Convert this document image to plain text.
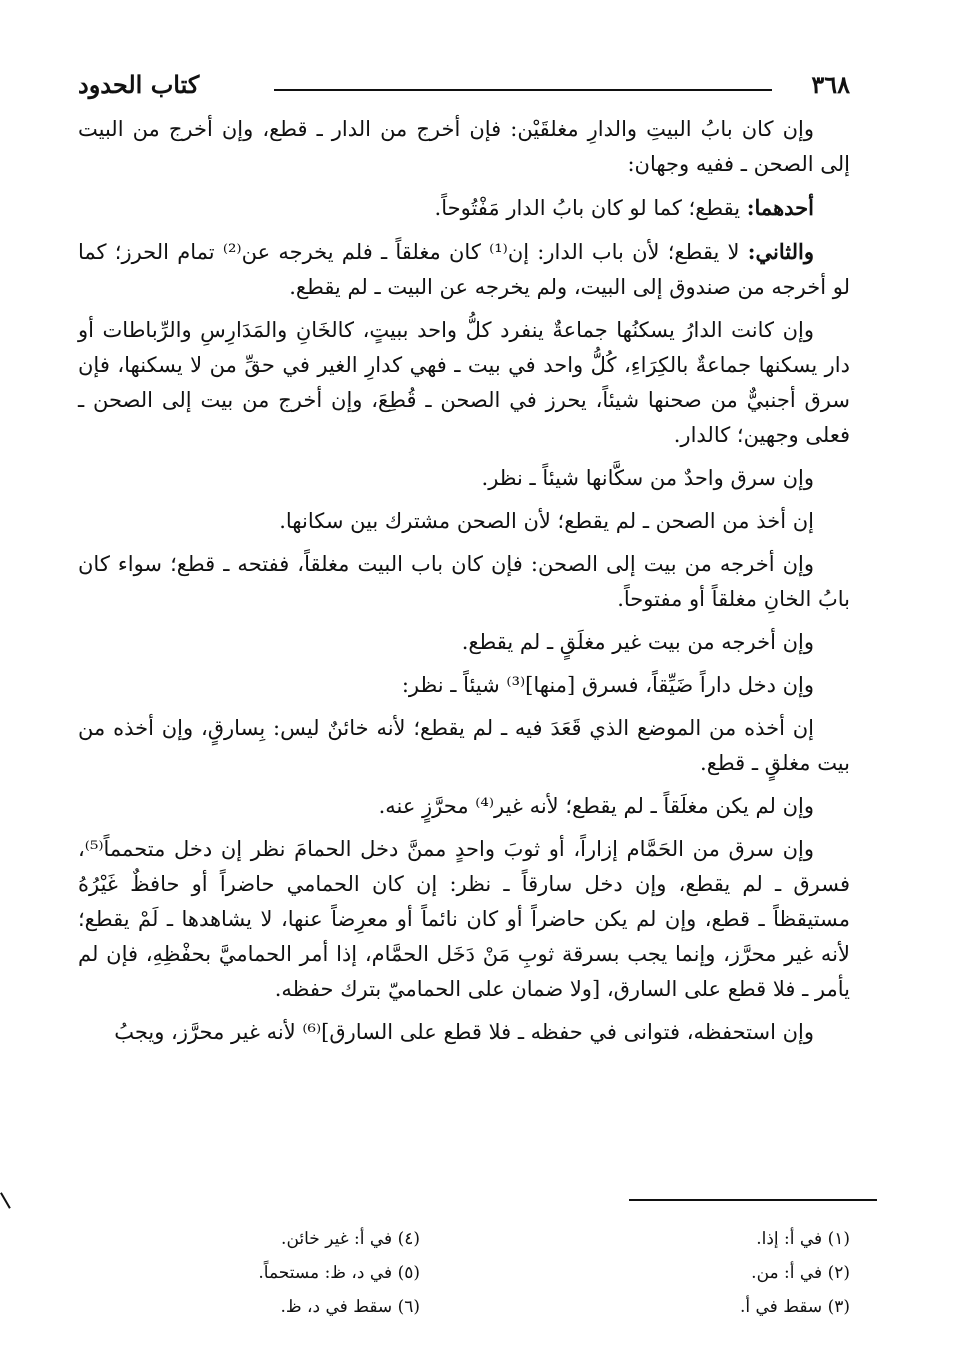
٣٦٨
كتاب الحدود

وإن كان بابُ البيتِ والدارِ مغلقَيْن: فإن أخرج من الدار ـ قطع، وإن أخرج من البيت إلى الصحن ـ ففيه وجهان:

أحدهما: يقطع؛ كما لو كان بابُ الدار مَفْتُوحاً.

والثاني: لا يقطع؛ لأن باب الدار: إن⁽¹⁾ كان مغلقاً ـ فلم يخرجه عن⁽²⁾ تمام الحرز؛ كما لو أخرجه من صندوق إلى البيت، ولم يخرجه عن البيت ـ لم يقطع.

وإن كانت الدارُ يسكنُها جماعةٌ ينفرد كلُّ واحد ببيتٍ، كالخَانِ والمَدَارِسِ والرِّباطات أو دار يسكنها جماعةٌ بالكِرَاءِ، كُلُّ واحد في بيت ـ فهي كدارِ الغير في حقِّ من لا يسكنها، فإن سرق أجنبيٌّ من صحنها شيئاً، يحرز في الصحن ـ قُطِعَ، وإن أخرج من بيت إلى الصحن ـ فعلى وجهين؛ كالدار.

وإن سرق واحدٌ من سكَّانها شيئاً ـ نظر.

إن أخذ من الصحن ـ لم يقطع؛ لأن الصحن مشترك بين سكانها.

وإن أخرجه من بيت إلى الصحن: فإن كان باب البيت مغلقاً، ففتحه ـ قطع؛ سواء كان بابُ الخانِ مغلقاً أو مفتوحاً.

وإن أخرجه من بيت غير مغلَقٍ ـ لم يقطع.

وإن دخل داراً ضَيِّقاً، فسرق [منها]⁽³⁾ شيئاً ـ نظر:

إن أخذه من الموضع الذي قَعَدَ فيه ـ لم يقطع؛ لأنه خائنٌ ليس: بِسارقٍ، وإن أخذه من بيت مغلقٍ ـ قطع.

وإن لم يكن مغلَقاً ـ لم يقطع؛ لأنه غير⁽⁴⁾ محرَّزٍ عنه.

وإن سرق من الحَمَّام إزاراً، أو ثوبَ واحدٍ ممنَّ دخل الحمامَ نظر إن دخل متحمماً⁽⁵⁾، فسرق ـ لم يقطع، وإن دخل سارقاً ـ نظر: إن كان الحمامي حاضراً أو حافظٌ غَيْرُهُ مستيقظاً ـ قطع، وإن لم يكن حاضراً أو كان نائماً أو معرِضاً عنها، لا يشاهدها ـ لَمْ يقطع؛ لأنه غير محرَّز، وإنما يجب بسرقة ثوبِ مَنْ دَخَل الحمَّام، إذا أمر الحماميَّ بحفْظِهِ، فإن لم يأمر ـ فلا قطع على السارق، [ولا ضمان على الحماميّ بترك حفظه.

وإن استحفظه، فتوانى في حفظه ـ فلا قطع على السارق]⁽⁶⁾ لأنه غير محرَّز، ويجبُ

(١) في أ: إذا.
(٢) في أ: من.
(٣) سقط في أ.
(٤) في أ: غير خائن.
(٥) في د، ظ: مستحماً.
(٦) سقط في د، ظ.
